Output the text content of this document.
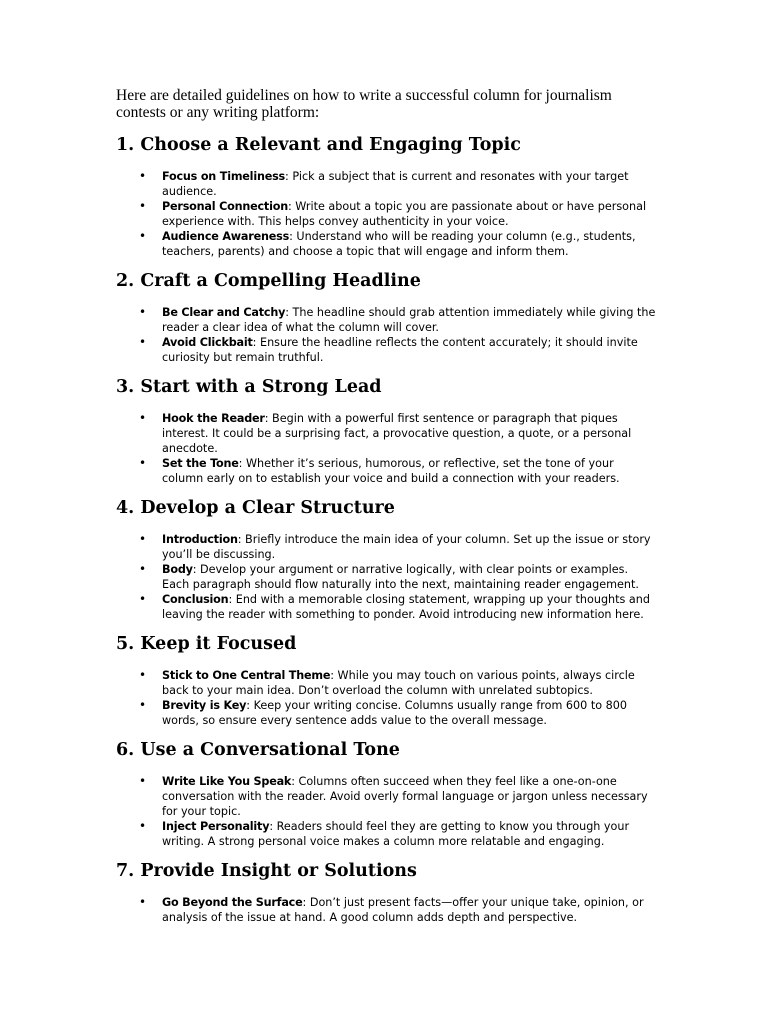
Here are detailed guidelines on how to write a successful column for journalism contests or any writing platform:

1. Choose a Relevant and Engaging Topic
• Focus on Timeliness: Pick a subject that is current and resonates with your target audience.
• Personal Connection: Write about a topic you are passionate about or have personal experience with. This helps convey authenticity in your voice.
• Audience Awareness: Understand who will be reading your column (e.g., students, teachers, parents) and choose a topic that will engage and inform them.
2. Craft a Compelling Headline
• Be Clear and Catchy: The headline should grab attention immediately while giving the reader a clear idea of what the column will cover.
• Avoid Clickbait: Ensure the headline reflects the content accurately; it should invite curiosity but remain truthful.
3. Start with a Strong Lead
• Hook the Reader: Begin with a powerful first sentence or paragraph that piques interest. It could be a surprising fact, a provocative question, a quote, or a personal anecdote.
• Set the Tone: Whether it’s serious, humorous, or reflective, set the tone of your column early on to establish your voice and build a connection with your readers.
4. Develop a Clear Structure
• Introduction: Briefly introduce the main idea of your column. Set up the issue or story you’ll be discussing.
• Body: Develop your argument or narrative logically, with clear points or examples. Each paragraph should flow naturally into the next, maintaining reader engagement.
• Conclusion: End with a memorable closing statement, wrapping up your thoughts and leaving the reader with something to ponder. Avoid introducing new information here.
5. Keep it Focused
• Stick to One Central Theme: While you may touch on various points, always circle back to your main idea. Don’t overload the column with unrelated subtopics.
• Brevity is Key: Keep your writing concise. Columns usually range from 600 to 800 words, so ensure every sentence adds value to the overall message.
6. Use a Conversational Tone
• Write Like You Speak: Columns often succeed when they feel like a one-on-one conversation with the reader. Avoid overly formal language or jargon unless necessary for your topic.
• Inject Personality: Readers should feel they are getting to know you through your writing. A strong personal voice makes a column more relatable and engaging.
7. Provide Insight or Solutions
• Go Beyond the Surface: Don’t just present facts—offer your unique take, opinion, or analysis of the issue at hand. A good column adds depth and perspective.
